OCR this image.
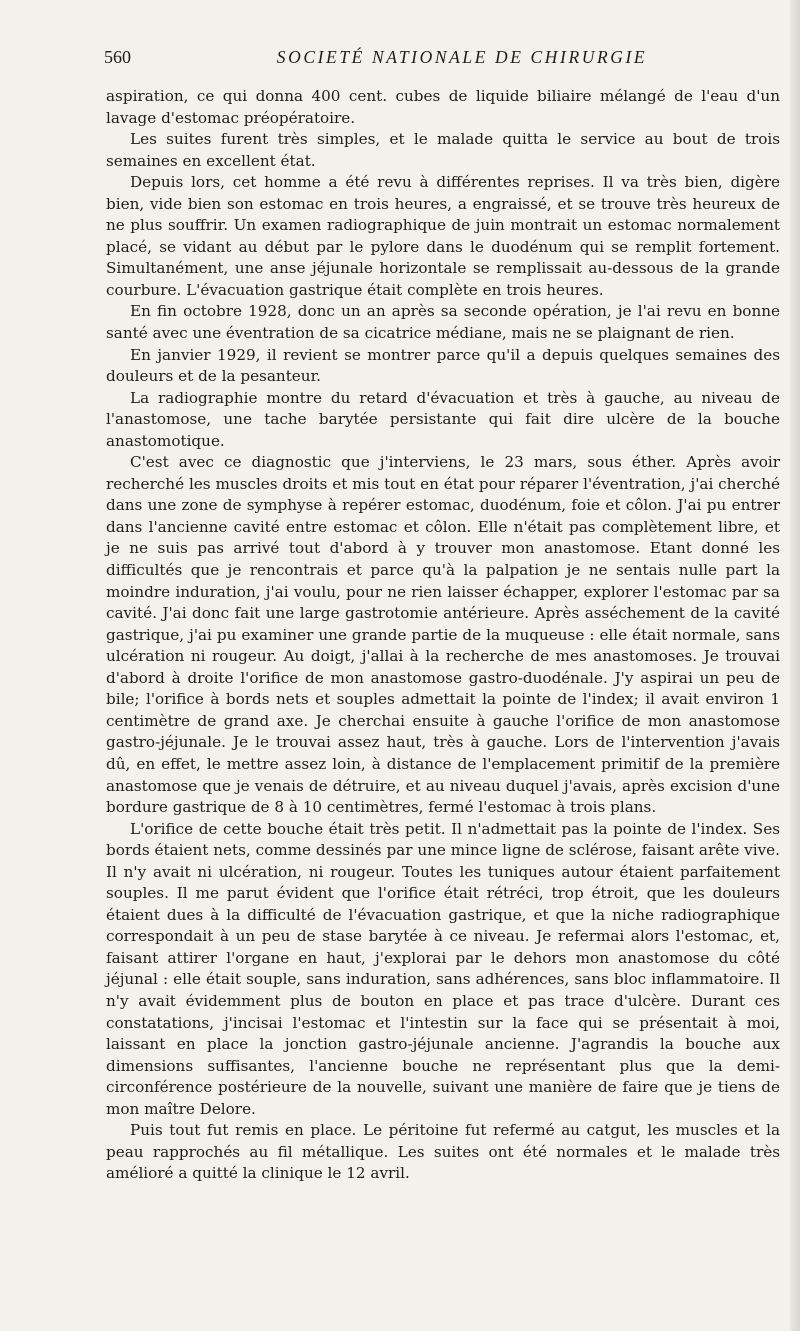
560	SOCIETÉ NATIONALE DE CHIRURGIE

aspiration, ce qui donna 400 cent. cubes de liquide biliaire mélangé de l'eau d'un lavage d'estomac préopératoire.

Les suites furent très simples, et le malade quitta le service au bout de trois semaines en excellent état.

Depuis lors, cet homme a été revu à différentes reprises. Il va très bien, digère bien, vide bien son estomac en trois heures, a engraissé, et se trouve très heureux de ne plus souffrir. Un examen radiographique de juin montrait un estomac normalement placé, se vidant au début par le pylore dans le duodénum qui se remplit fortement. Simultanément, une anse jéjunale horizontale se remplissait au-dessous de la grande courbure. L'évacuation gastrique était complète en trois heures.

En fin octobre 1928, donc un an après sa seconde opération, je l'ai revu en bonne santé avec une éventration de sa cicatrice médiane, mais ne se plaignant de rien.

En janvier 1929, il revient se montrer parce qu'il a depuis quelques semaines des douleurs et de la pesanteur.

La radiographie montre du retard d'évacuation et très à gauche, au niveau de l'anastomose, une tache barytée persistante qui fait dire ulcère de la bouche anastomotique.

C'est avec ce diagnostic que j'interviens, le 23 mars, sous éther. Après avoir recherché les muscles droits et mis tout en état pour réparer l'éventration, j'ai cherché dans une zone de symphyse à repérer estomac, duodénum, foie et côlon. J'ai pu entrer dans l'ancienne cavité entre estomac et côlon. Elle n'était pas complètement libre, et je ne suis pas arrivé tout d'abord à y trouver mon anastomose. Etant donné les difficultés que je rencontrais et parce qu'à la palpation je ne sentais nulle part la moindre induration, j'ai voulu, pour ne rien laisser échapper, explorer l'estomac par sa cavité. J'ai donc fait une large gastrotomie antérieure. Après asséchement de la cavité gastrique, j'ai pu examiner une grande partie de la muqueuse : elle était normale, sans ulcération ni rougeur. Au doigt, j'allai à la recherche de mes anastomoses. Je trouvai d'abord à droite l'orifice de mon anastomose gastro-duodénale. J'y aspirai un peu de bile; l'orifice à bords nets et souples admettait la pointe de l'index; il avait environ 1 centimètre de grand axe. Je cherchai ensuite à gauche l'orifice de mon anastomose gastro-jéjunale. Je le trouvai assez haut, très à gauche. Lors de l'intervention j'avais dû, en effet, le mettre assez loin, à distance de l'emplacement primitif de la première anastomose que je venais de détruire, et au niveau duquel j'avais, après excision d'une bordure gastrique de 8 à 10 centimètres, fermé l'estomac à trois plans.

L'orifice de cette bouche était très petit. Il n'admettait pas la pointe de l'index. Ses bords étaient nets, comme dessinés par une mince ligne de sclérose, faisant arête vive. Il n'y avait ni ulcération, ni rougeur. Toutes les tuniques autour étaient parfaitement souples. Il me parut évident que l'orifice était rétréci, trop étroit, que les douleurs étaient dues à la difficulté de l'évacuation gastrique, et que la niche radiographique correspondait à un peu de stase barytée à ce niveau. Je refermai alors l'estomac, et, faisant attirer l'organe en haut, j'explorai par le dehors mon anastomose du côté jéjunal : elle était souple, sans induration, sans adhérences, sans bloc inflammatoire. Il n'y avait évidemment plus de bouton en place et pas trace d'ulcère. Durant ces constatations, j'incisai l'estomac et l'intestin sur la face qui se présentait à moi, laissant en place la jonction gastro-jéjunale ancienne. J'agrandis la bouche aux dimensions suffisantes, l'ancienne bouche ne représentant plus que la demi-circonférence postérieure de la nouvelle, suivant une manière de faire que je tiens de mon maître Delore.

Puis tout fut remis en place. Le péritoine fut refermé au catgut, les muscles et la peau rapprochés au fil métallique. Les suites ont été normales et le malade très amélioré a quitté la clinique le 12 avril.
